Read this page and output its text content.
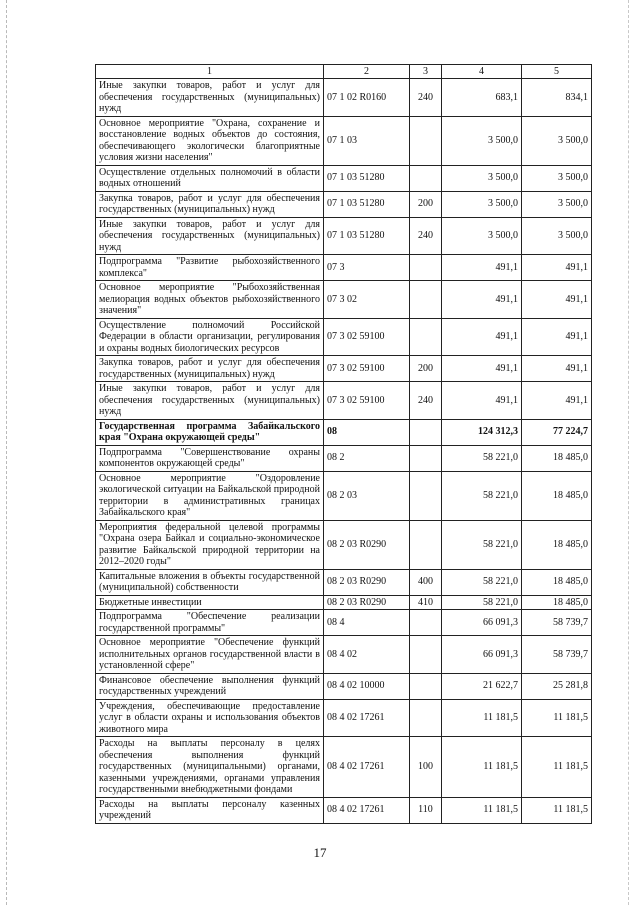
1	2	3	4	5
Иные закупки товаров, работ и услуг для обеспечения государственных (муниципальных) нужд	07 1 02 R0160	240	683,1	834,1
Основное мероприятие "Охрана, сохранение и восстановление водных объектов до состояния, обеспечивающего экологически благоприятные условия жизни населения"	07 1 03		3 500,0	3 500,0
Осуществление отдельных полномочий в области водных отношений	07 1 03 51280		3 500,0	3 500,0
Закупка товаров, работ и услуг для обеспечения государственных (муниципальных) нужд	07 1 03 51280	200	3 500,0	3 500,0
Иные закупки товаров, работ и услуг для обеспечения государственных (муниципальных) нужд	07 1 03 51280	240	3 500,0	3 500,0
Подпрограмма "Развитие рыбохозяйственного комплекса"	07 3		491,1	491,1
Основное мероприятие "Рыбохозяйственная мелиорация водных объектов рыбохозяйственного значения"	07 3 02		491,1	491,1
Осуществление полномочий Российской Федерации в области организации, регулирования и охраны водных биологических ресурсов	07 3 02 59100		491,1	491,1
Закупка товаров, работ и услуг для обеспечения государственных (муниципальных) нужд	07 3 02 59100	200	491,1	491,1
Иные закупки товаров, работ и услуг для обеспечения государственных (муниципальных) нужд	07 3 02 59100	240	491,1	491,1
Государственная программа Забайкальского края "Охрана окружающей среды"	08		124 312,3	77 224,7
Подпрограмма "Совершенствование охраны компонентов окружающей среды"	08 2		58 221,0	18 485,0
Основное мероприятие "Оздоровление экологической ситуации на Байкальской природной территории в административных границах Забайкальского края"	08 2 03		58 221,0	18 485,0
Мероприятия федеральной целевой программы "Охрана озера Байкал и социально-экономическое развитие Байкальской природной территории на 2012–2020 годы"	08 2 03 R0290		58 221,0	18 485,0
Капитальные вложения в объекты государственной (муниципальной) собственности	08 2 03 R0290	400	58 221,0	18 485,0
Бюджетные инвестиции	08 2 03 R0290	410	58 221,0	18 485,0
Подпрограмма "Обеспечение реализации государственной программы"	08 4		66 091,3	58 739,7
Основное мероприятие "Обеспечение функций исполнительных органов государственной власти в установленной сфере"	08 4 02		66 091,3	58 739,7
Финансовое обеспечение выполнения функций государственных учреждений	08 4 02 10000		21 622,7	25 281,8
Учреждения, обеспечивающие предоставление услуг в области охраны и использования объектов животного мира	08 4 02 17261		11 181,5	11 181,5
Расходы на выплаты персоналу в целях обеспечения выполнения функций государственных (муниципальными) органами, казенными учреждениями, органами управления государственными внебюджетными фондами	08 4 02 17261	100	11 181,5	11 181,5
Расходы на выплаты персоналу казенных учреждений	08 4 02 17261	110	11 181,5	11 181,5
17
